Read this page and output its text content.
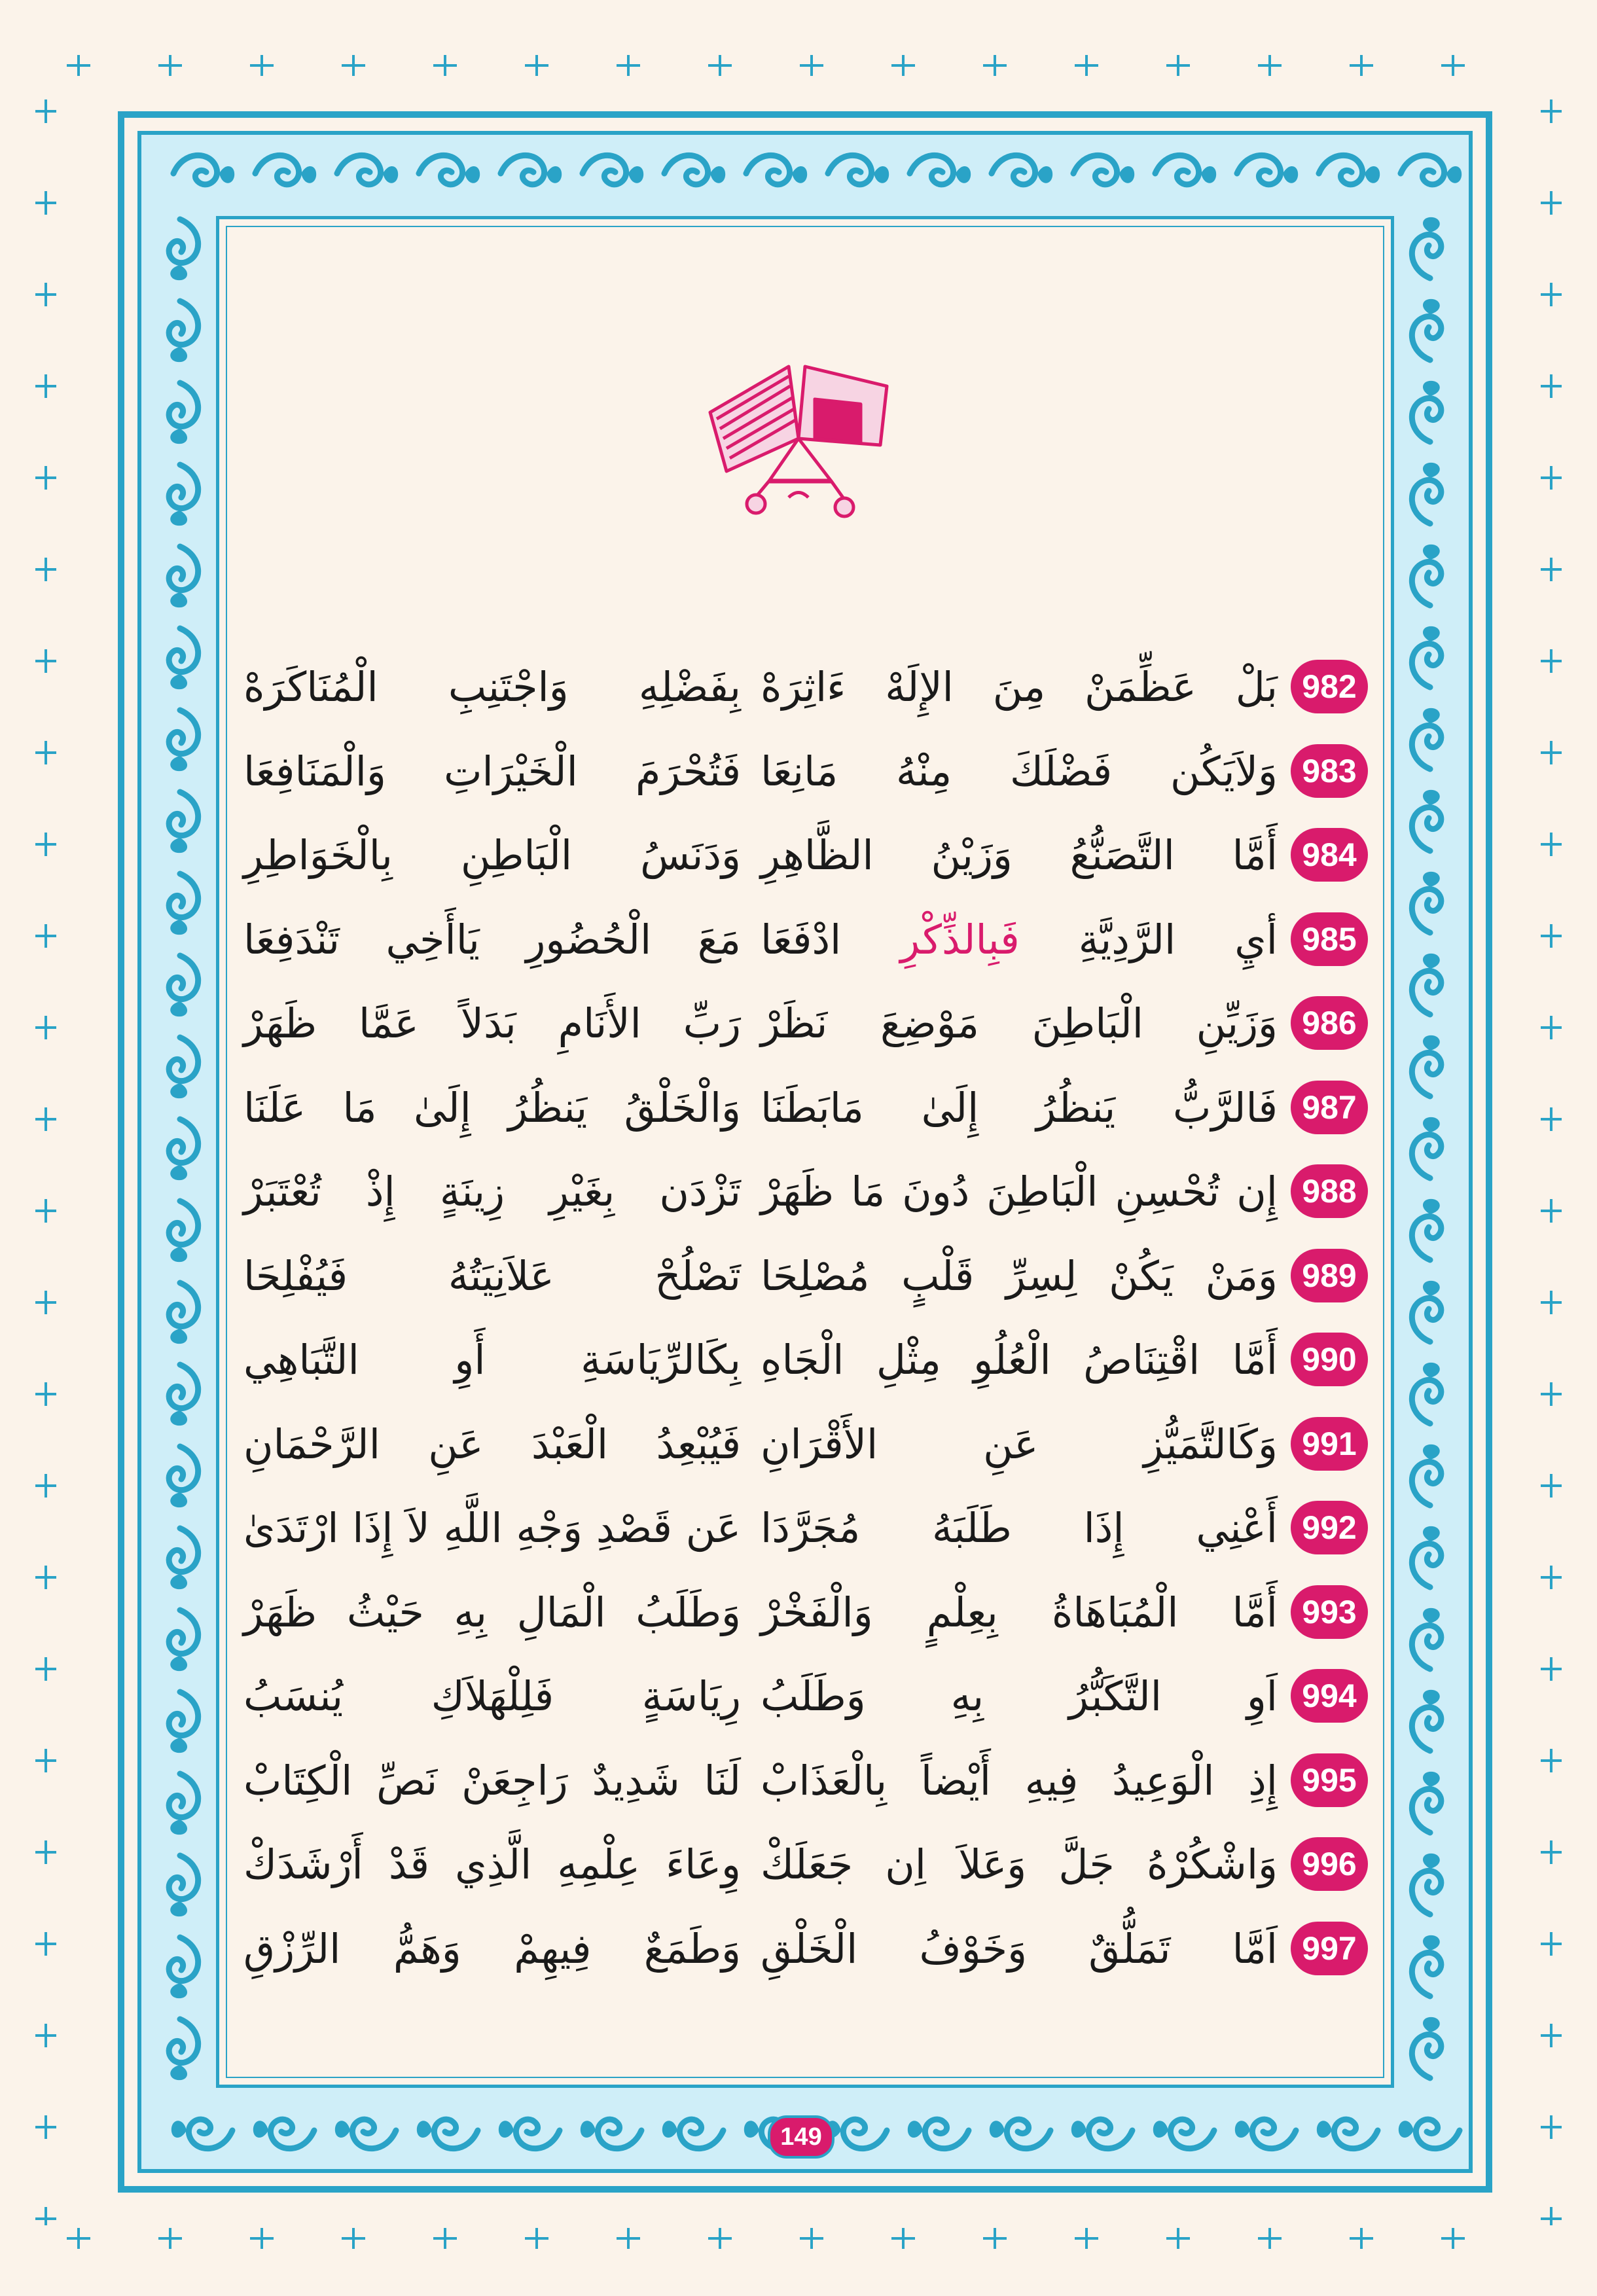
982
بَلْ عَظِّمَنْ مِنَ الإِلَهْ ءَاثِرَهْ
بِفَضْلِهِ وَاجْتَنِبِ الْمُنَاكَرَهْ
983
وَلاَيَكُن فَضْلَكَ مِنْهُ مَانِعَا
فَتُحْرَمَ الْخَيْرَاتِ وَالْمَنَافِعَا
984
أَمَّا التَّصَنُّعُ وَزَيْنُ الظَّاهِرِ
وَدَنَسُ الْبَاطِنِ بِالْخَوَاطِرِ
985
أيِ الرَّدِيَّةِ فَبِالذِّكْرِ ادْفَعَا
مَعَ الْحُضُورِ يَاأَخِي تَنْدَفِعَا
986
وَزَيِّنِ الْبَاطِنَ مَوْضِعَ نَظَرْ
رَبِّ الأَنَامِ بَدَلاً عَمَّا ظَهَرْ
987
فَالرَّبُّ يَنظُرُ إِلَىٰ مَابَطَنَا
وَالْخَلْقُ يَنظُرُ إِلَىٰ مَا عَلَنَا
988
إِن تُحْسِنِ الْبَاطِنَ دُونَ مَا ظَهَرْ
تَزْدَن بِغَيْرِ زِينَةٍ إِذْ تُعْتَبَرْ
989
وَمَنْ يَكُنْ لِسِرِّ قَلْبٍ مُصْلِحَا
تَصْلُحْ عَلاَنِيَتُهُ فَيُفْلِحَا
990
أَمَّا اقْتِنَاصُ الْعُلُوِ مِثْلِ الْجَاهِ
بِكَالرِّيَاسَةِ أَوِ التَّبَاهِي
991
وَكَالتَّمَيُّزِ عَنِ الأَقْرَانِ
فَيُبْعِدُ الْعَبْدَ عَنِ الرَّحْمَانِ
992
أَعْنِي إِذَا طَلَبَهُ مُجَرَّدَا
عَن قَصْدِ وَجْهِ اللَّهِ لاَ إِذَا ارْتَدَىٰ
993
أَمَّا الْمُبَاهَاةُ بِعِلْمٍ وَالْفَخْرْ
وَطَلَبُ الْمَالِ بِهِ حَيْثُ ظَهَرْ
994
اَوِ التَّكَبُّرُ بِهِ وَطَلَبُ
رِيَاسَةٍ فَلِلْهَلاَكِ يُنسَبُ
995
إِذِ الْوَعِيدُ فِيهِ أَيْضاً بِالْعَذَابْ
لَنَا شَدِيدٌ رَاجِعَنْ نَصِّ الْكِتَابْ
996
وَاشْكُرْهُ جَلَّ وَعَلاَ اِن جَعَلَكْ
وِعَاءَ عِلْمِهِ الَّذِي قَدْ أَرْشَدَكْ
997
اَمَّا تَمَلُّقٌ وَخَوْفُ الْخَلْقِ
وَطَمَعٌ فِيهِمْ وَهَمُّ الرِّزْقِ
149
